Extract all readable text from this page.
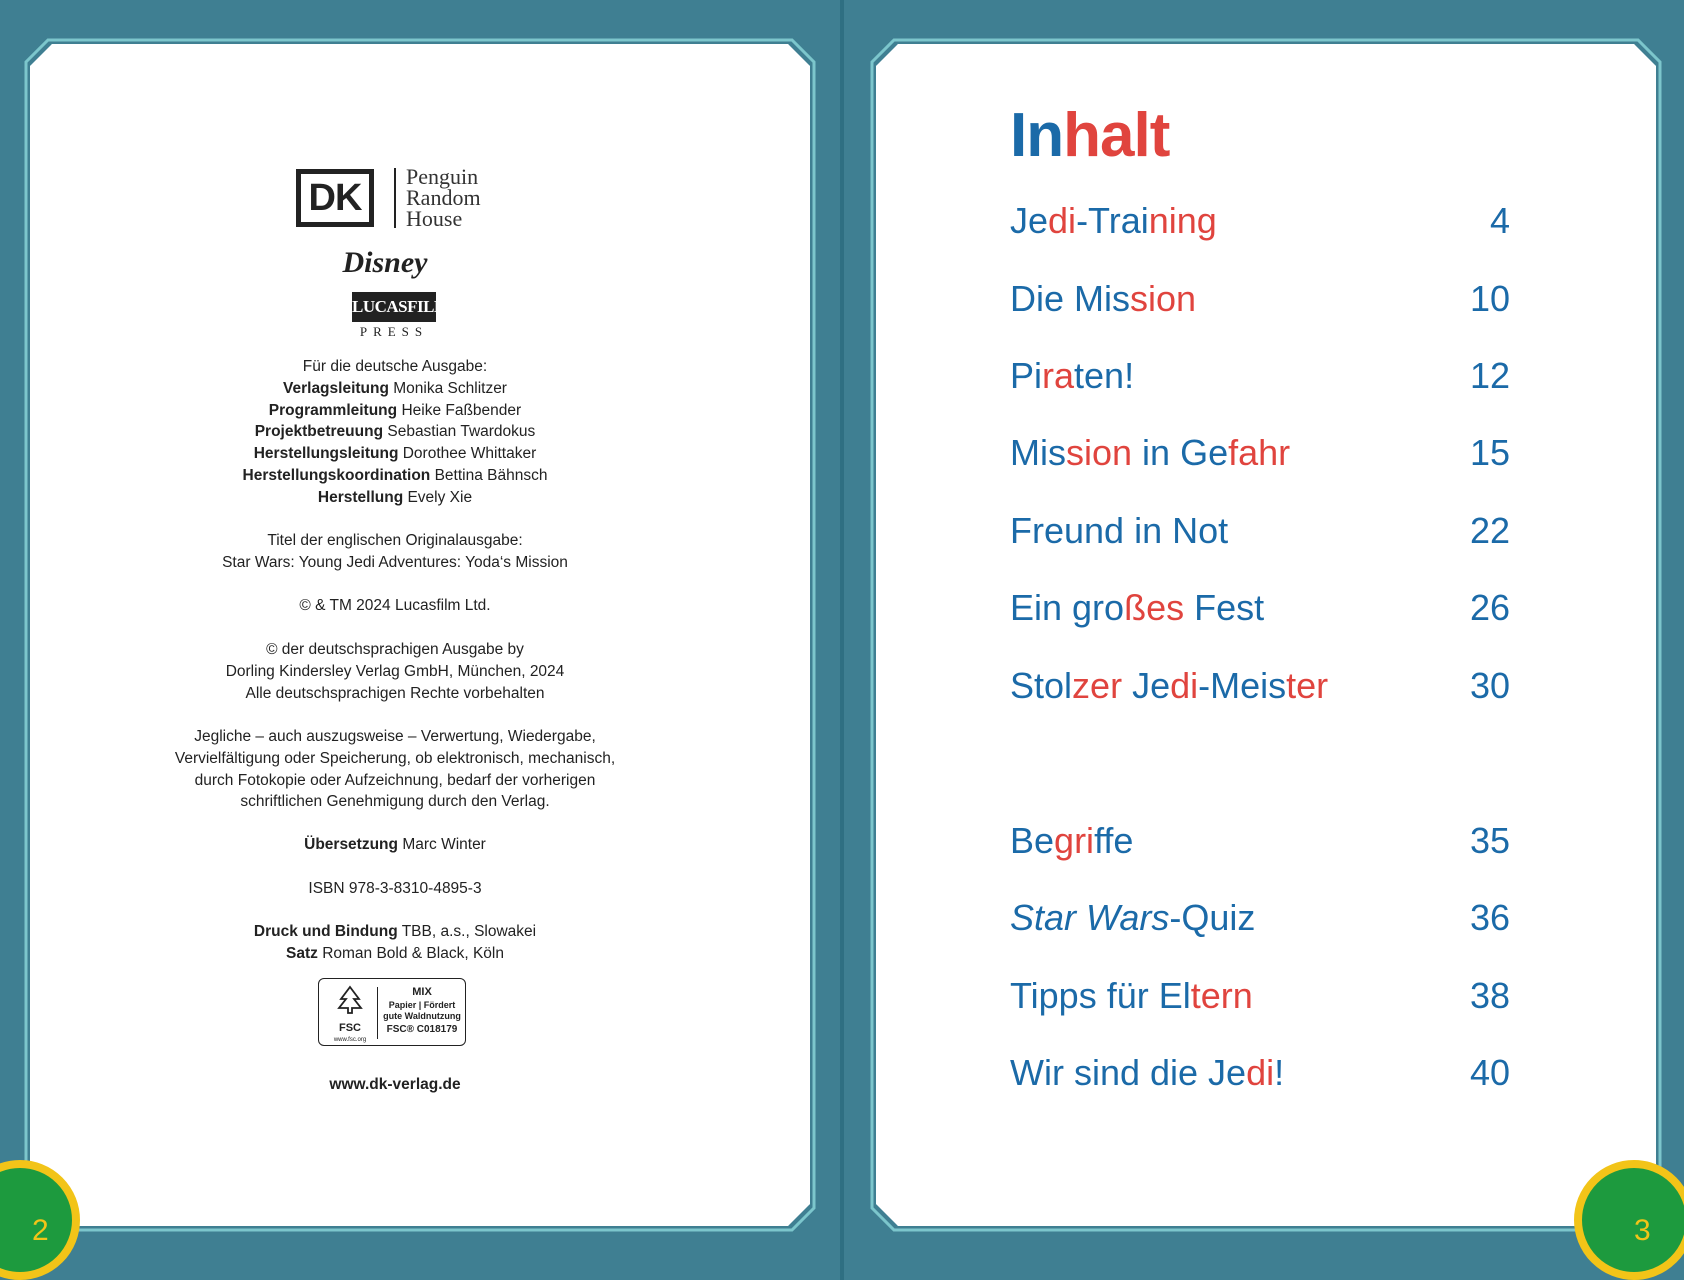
DK
Penguin
Random
House
Disney
LUCASFILM
PRESS
Für die deutsche Ausgabe:
Verlagsleitung Monika Schlitzer
Programmleitung Heike Faßbender
Projektbetreuung Sebastian Twardokus
Herstellungsleitung Dorothee Whittaker
Herstellungskoordination Bettina Bähnsch
Herstellung Evely Xie
Titel der englischen Originalausgabe:
Star Wars: Young Jedi Adventures: Yoda‘s Mission
© & TM 2024 Lucasfilm Ltd.
© der deutschsprachigen Ausgabe by
Dorling Kindersley Verlag GmbH, München, 2024
Alle deutschsprachigen Rechte vorbehalten
Jegliche – auch auszugsweise – Verwertung, Wiedergabe,
Vervielfältigung oder Speicherung, ob elektronisch, mechanisch,
durch Fotokopie oder Aufzeichnung, bedarf der vorherigen
schriftlichen Genehmigung durch den Verlag.
Übersetzung Marc Winter
ISBN 978-3-8310-4895-3
Druck und Bindung TBB, a.s., Slowakei
Satz Roman Bold & Black, Köln
FSC
www.fsc.org
MIX
Papier | Fördert
gute Waldnutzung
FSC® C018179
www.dk-verlag.de
Inhalt
Jedi-Training	4
Die Mission	10
Piraten!	12
Mission in Gefahr	15
Freund in Not	22
Ein großes Fest	26
Stolzer Jedi-Meister	30
Begriffe	35
Star Wars-Quiz	36
Tipps für Eltern	38
Wir sind die Jedi!	40
2	3
